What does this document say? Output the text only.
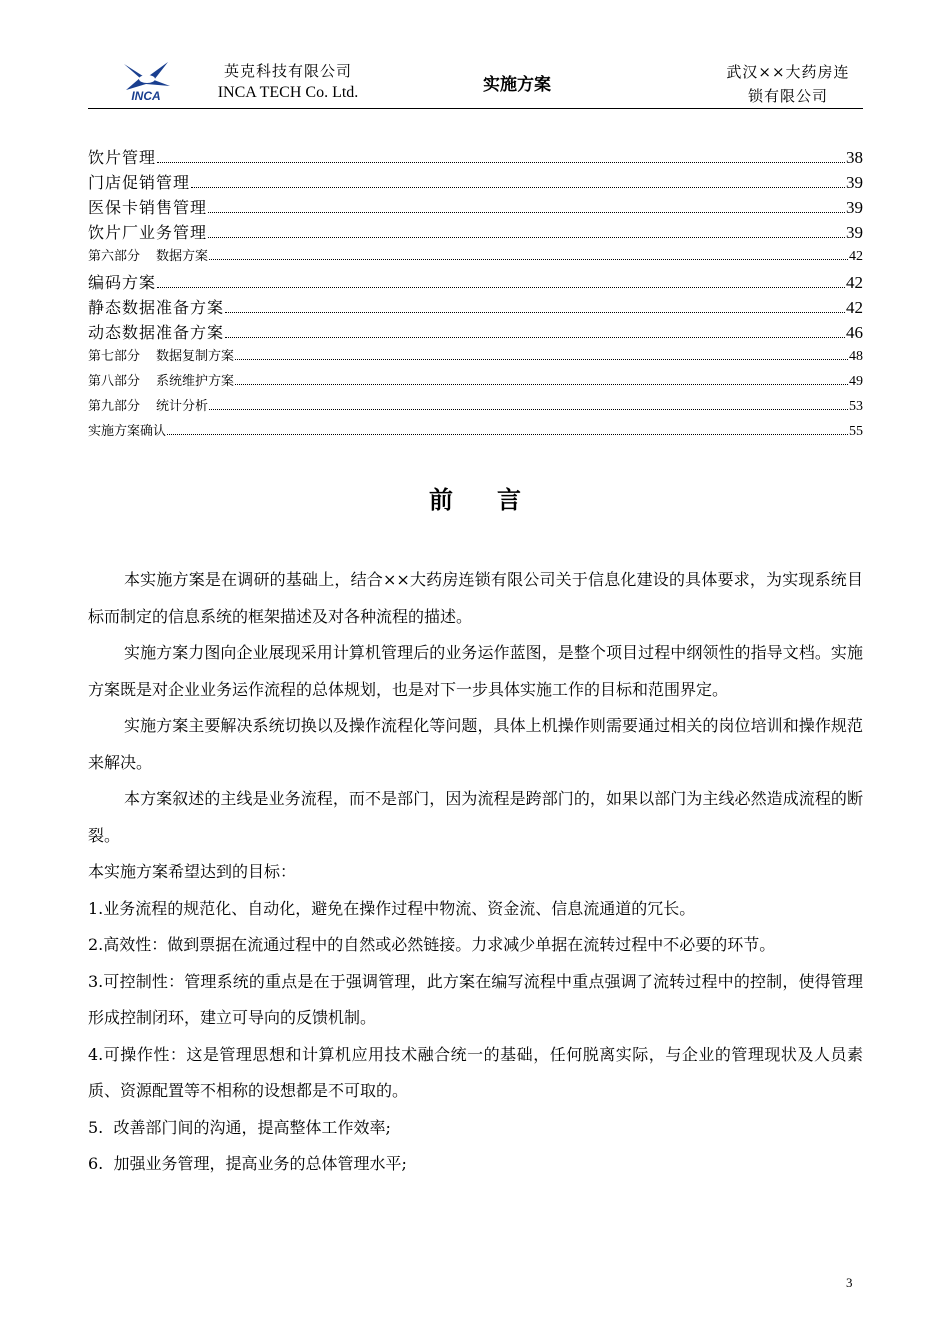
INCA
英克科技有限公司
INCA TECH Co. Ltd.	实施方案
武汉××大药房连
锁有限公司
饮片管理	38
门店促销管理	39
医保卡销售管理	39
饮片厂业务管理	39
第六部分 数据方案	42
编码方案	42
静态数据准备方案	42
动态数据准备方案	46
第七部分 数据复制方案	48
第八部分 系统维护方案	49
第九部分 统计分析	53
实施方案确认	55
前言

本实施方案是在调研的基础上，结合××大药房连锁有限公司关于信息化建设的具体要求，为实现系统目标而制定的信息系统的框架描述及对各种流程的描述。

实施方案力图向企业展现采用计算机管理后的业务运作蓝图，是整个项目过程中纲领性的指导文档。实施方案既是对企业业务运作流程的总体规划，也是对下一步具体实施工作的目标和范围界定。

实施方案主要解决系统切换以及操作流程化等问题，具体上机操作则需要通过相关的岗位培训和操作规范来解决。

本方案叙述的主线是业务流程，而不是部门，因为流程是跨部门的，如果以部门为主线必然造成流程的断裂。

本实施方案希望达到的目标：

1.业务流程的规范化、自动化，避免在操作过程中物流、资金流、信息流通道的冗长。

2.高效性：做到票据在流通过程中的自然或必然链接。力求减少单据在流转过程中不必要的环节。

3.可控制性：管理系统的重点是在于强调管理，此方案在编写流程中重点强调了流转过程中的控制，使得管理形成控制闭环，建立可导向的反馈机制。

4.可操作性：这是管理思想和计算机应用技术融合统一的基础，任何脱离实际，与企业的管理现状及人员素质、资源配置等不相称的设想都是不可取的。

5.  改善部门间的沟通，提高整体工作效率;

6.  加强业务管理，提高业务的总体管理水平;

3
